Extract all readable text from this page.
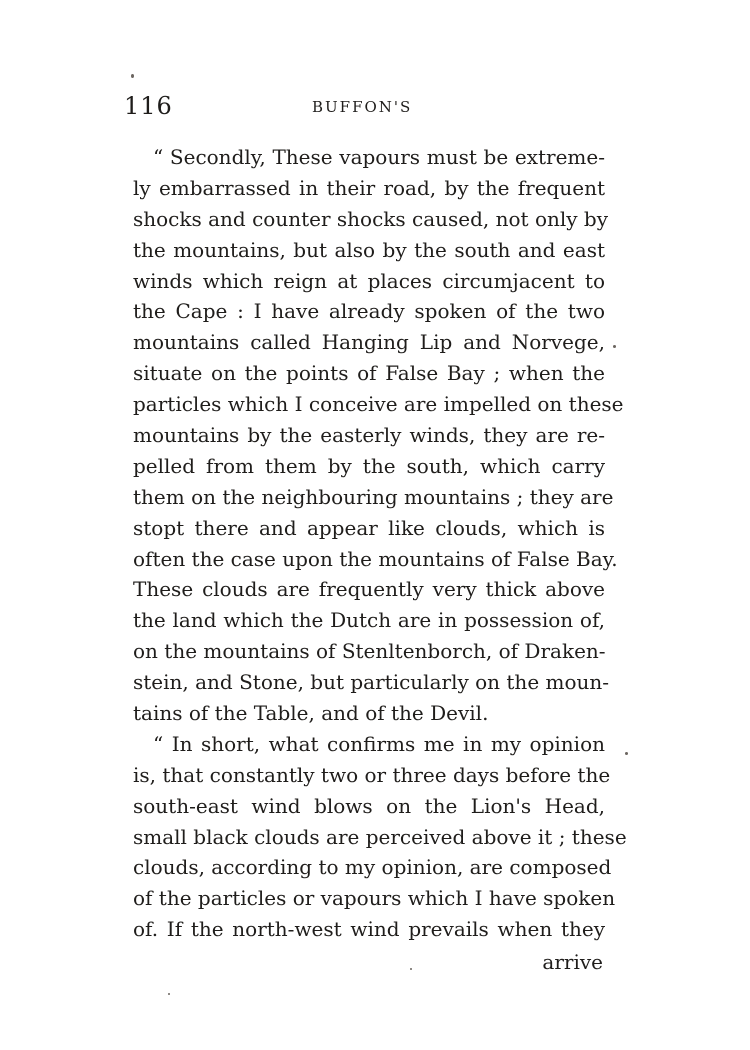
116	BUFFON'S
“ Secondly, These vapours must be extreme-
ly embarrassed in their road, by the frequent
shocks and counter shocks caused, not only by
the mountains, but also by the south and east
winds which reign at places circumjacent to
the Cape : I have already spoken of the two
mountains called Hanging Lip and Norvege,
situate on the points of False Bay ; when the
particles which I conceive are impelled on these
mountains by the easterly winds, they are re-
pelled from them by the south, which carry
them on the neighbouring mountains ; they are
stopt there and appear like clouds, which is
often the case upon the mountains of False Bay.
These clouds are frequently very thick above
the land which the Dutch are in possession of,
on the mountains of Stenltenborch, of Draken-
stein, and Stone, but particularly on the moun-
tains of the Table, and of the Devil.
“ In short, what confirms me in my opinion
is, that constantly two or three days before the
south-east wind blows on the Lion's Head,
small black clouds are perceived above it ; these
clouds, according to my opinion, are composed
of the particles or vapours which I have spoken
of. If the north-west wind prevails when they
arrive
